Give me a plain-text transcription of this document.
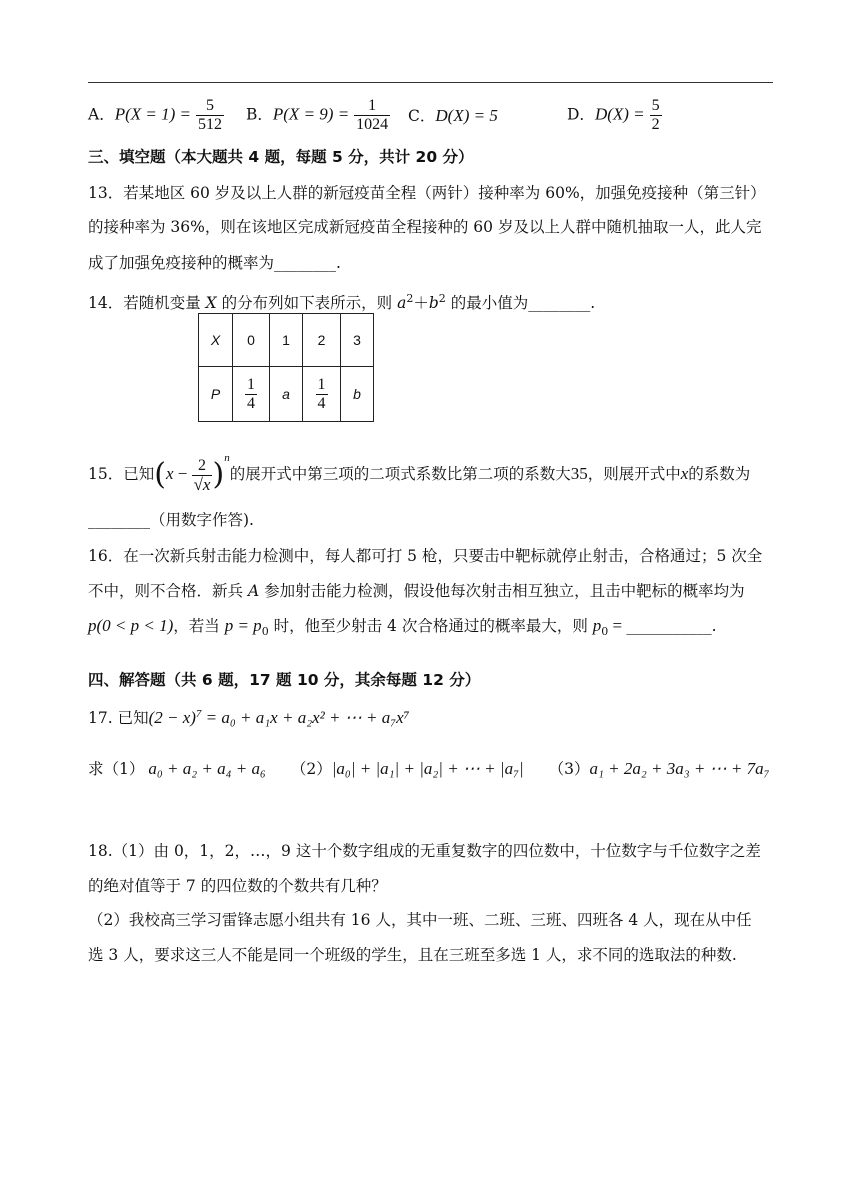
A．$P(X = 1) = \frac{5}{512}$ B．$P(X = 9) = \frac{1}{1024}$ C．D(X) = 5	D．$D(X) = \frac{5}{2}$
三、填空题（本大题共 4 题，每题 5 分，共计 20 分）
13．若某地区 60 岁及以上人群的新冠疫苗全程（两针）接种率为 60%，加强免疫接种（第三针）
的接种率为 36%，则在该地区完成新冠疫苗全程接种的 60 岁及以上人群中随机抽取一人，此人完
成了加强免疫接种的概率为________.
14．若随机变量 X 的分布列如下表所示，则 $a^2+b^2$ 的最小值为________.
X	0	1	2	3
P	$\frac{1}{4}$	a	$\frac{1}{4}$	b
15．已知$(x - \frac{2}{√x} )^n$的展开式中第三项的二项式系数比第二项的系数大35，则展开式中x的系数为
________（用数字作答).
16．在一次新兵射击能力检测中，每人都可打 5 枪，只要击中靶标就停止射击，合格通过；5 次全
不中，则不合格．新兵 A 参加射击能力检测，假设他每次射击相互独立，且击中靶标的概率均为
p(0 < p < 1)，若当 $p = p_0$ 时，他至少射击 4 次合格通过的概率最大，则 $p_0$ = ___________.
四、解答题（共 6 题，17 题 10 分，其余每题 12 分）
17. 已知$(2 - x)^7 = a_0 + a_1x + a_2x^2$ + ⋯ + a₇x⁷
求（1） a₀ + a₂ + a₄ + a₆ （2）|a₀| + |a₁| + |a₂| + ⋯ + |a₇| （3）a₁ + 2a₂ + 3a₃ + ⋯ + 7a₇
18.（1）由 0，1，2，…，9 这十个数字组成的无重复数字的四位数中，十位数字与千位数字之差
的绝对值等于 7 的四位数的个数共有几种？
（2）我校高三学习雷锋志愿小组共有 16 人，其中一班、二班、三班、四班各 4 人，现在从中任
选 3 人，要求这三人不能是同一个班级的学生，且在三班至多选 1 人，求不同的选取法的种数.
